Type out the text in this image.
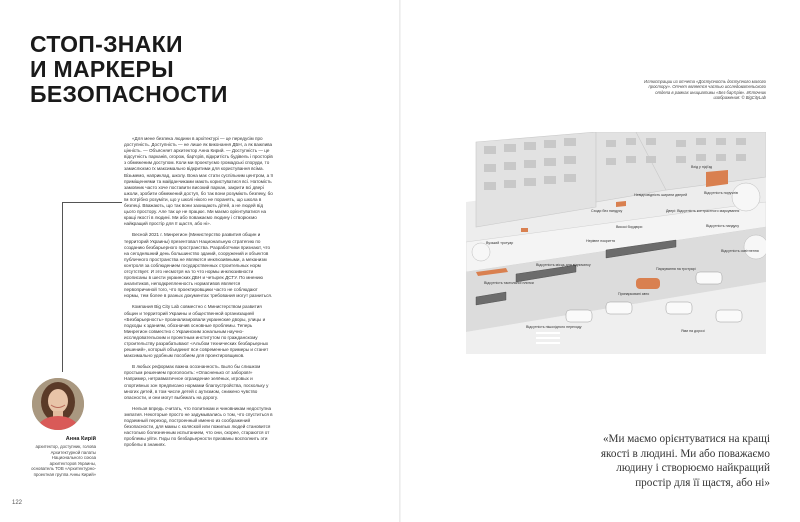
СТОП-ЗНАКИ И МАРКЕРЫ БЕЗОПАСНОСТИ

«Для мене безпека людини в архітектурі — це передусім про доступність. Доступність — не лише як виконання ДБН, а як важлива цінність. — Объясняет архитектор Анна Кирий. — Доступність — це відсутність парканів, огорож, бар'єрів, відкритість будівель і просторів з обмеженим доступом. Коли ми проектуємо громадські споруди, то замислюємо їх максимально відкритими для користування всіма. Візьмемо, наприклад, школу. Вона має стати суспільним центром, а її приміщеннями та майданчиками мають користуватися всі. Натомість замовник часто хоче поставити високий паркан, закрити всі двері школи, зробити обмежений доступ, бо так вони розуміють безпеку, бо їм потрібно розуміти, що у школі нікого не поранять, що школа в безпеці. Вважають, що так вони захищають дітей, а не людей від цього простору. Але так це не працює. Ми маємо орієнтуватися на кращі якості в людині. Ми або поважаємо людину і створюємо найкращий простір для її щастя, або ні».

Весной 2021 г. Минрегион (Министерство развития общин и территорий Украины) презентовал Национальную стратегию по созданию безбарьерного пространства. Разработчики признают, что на сегодняшний день большинство зданий, сооружений и объектов публичного пространства не являются инклюзивными, а механизм контроля за соблюдением государственных строительных норм отсутствует. И это несмотря на то что нормы инклюзивности прописаны в шести украинских ДБН и четырех ДСТУ. По мнению аналитиков, неподкрепленность нормативов является первопричиной того, что проектировщики часто не соблюдают нормы, тем более в разных документах требования могут разниться.

Компания Big City Lab совместно с Министерством развития общин и территорий Украины и общественной организацией «Безбарьерность» проанализировали украинские дворы, улицы и подходы к зданиям, обозначив основные проблемы. Теперь Минрегион совместно с Украинским зональным научно-исследовательским и проектным институтом по гражданскому строительству разрабатывают «Альбом технических безбарьерных решений», который объединит все современные примеры и станет максимально удобным пособием для проектировщиков.

В любых реформах важна осознанность. Было бы слишком простым решением проголосить: «Опасненько от заборов!» Например, нетравматичное ограждение зелёных, игровых и спортивных зон предписано нормами благоустройства, поскольку у многих детей, в том числе детей с аутизмом, снижено чувство опасности, и они могут выбежать на дорогу.

Нельзя впредь считать, что политикам и чиновникам недоступна эмпатия. Некоторые просто не задумывались о том, что спуститься в подземный переход, построенный именно из соображений безопасности, для мамы с коляской или пожилых людей становится настолько болезненным испытанием, что они, скорее, стараются от проблемы уйти. Гиды по безбарьерности призваны восполнить эти пробелы в знаниях.

Анна Кирій
архитектор, доступник, голова Архитектурной палаты Национального союза архитекторов Украины, основатель ТОВ «Архитектурно-проектная группа Анны Кирий»
122
Иллюстрации из отчета «Доступность доступного малого простору». Отчет является частью исследовательского отдела в рамках инициативы «Без бар'єрів». Источник изображения: © BigCityLab
Вхід у під'їзд
Відсутність поручнів
Невідповідність ширини дверей
Двері: Відсутність контрастного маркування
Відсутність пандусу
Відсутність місць для відпочинку
Високі бордюри
Нерівне покриття
Припарковані авто
Відсутність тактильної плитки
Відсутність освітлення
Відсутність пішохідного переходу
Паркування на тротуарі
Ями на дорозі
Вузький тротуар
Сходи без пандусу

«Ми маємо орієнтуватися на кращі якості в людині. Ми або поважаємо людину і створюємо найкращий простір для її щастя, або ні»
